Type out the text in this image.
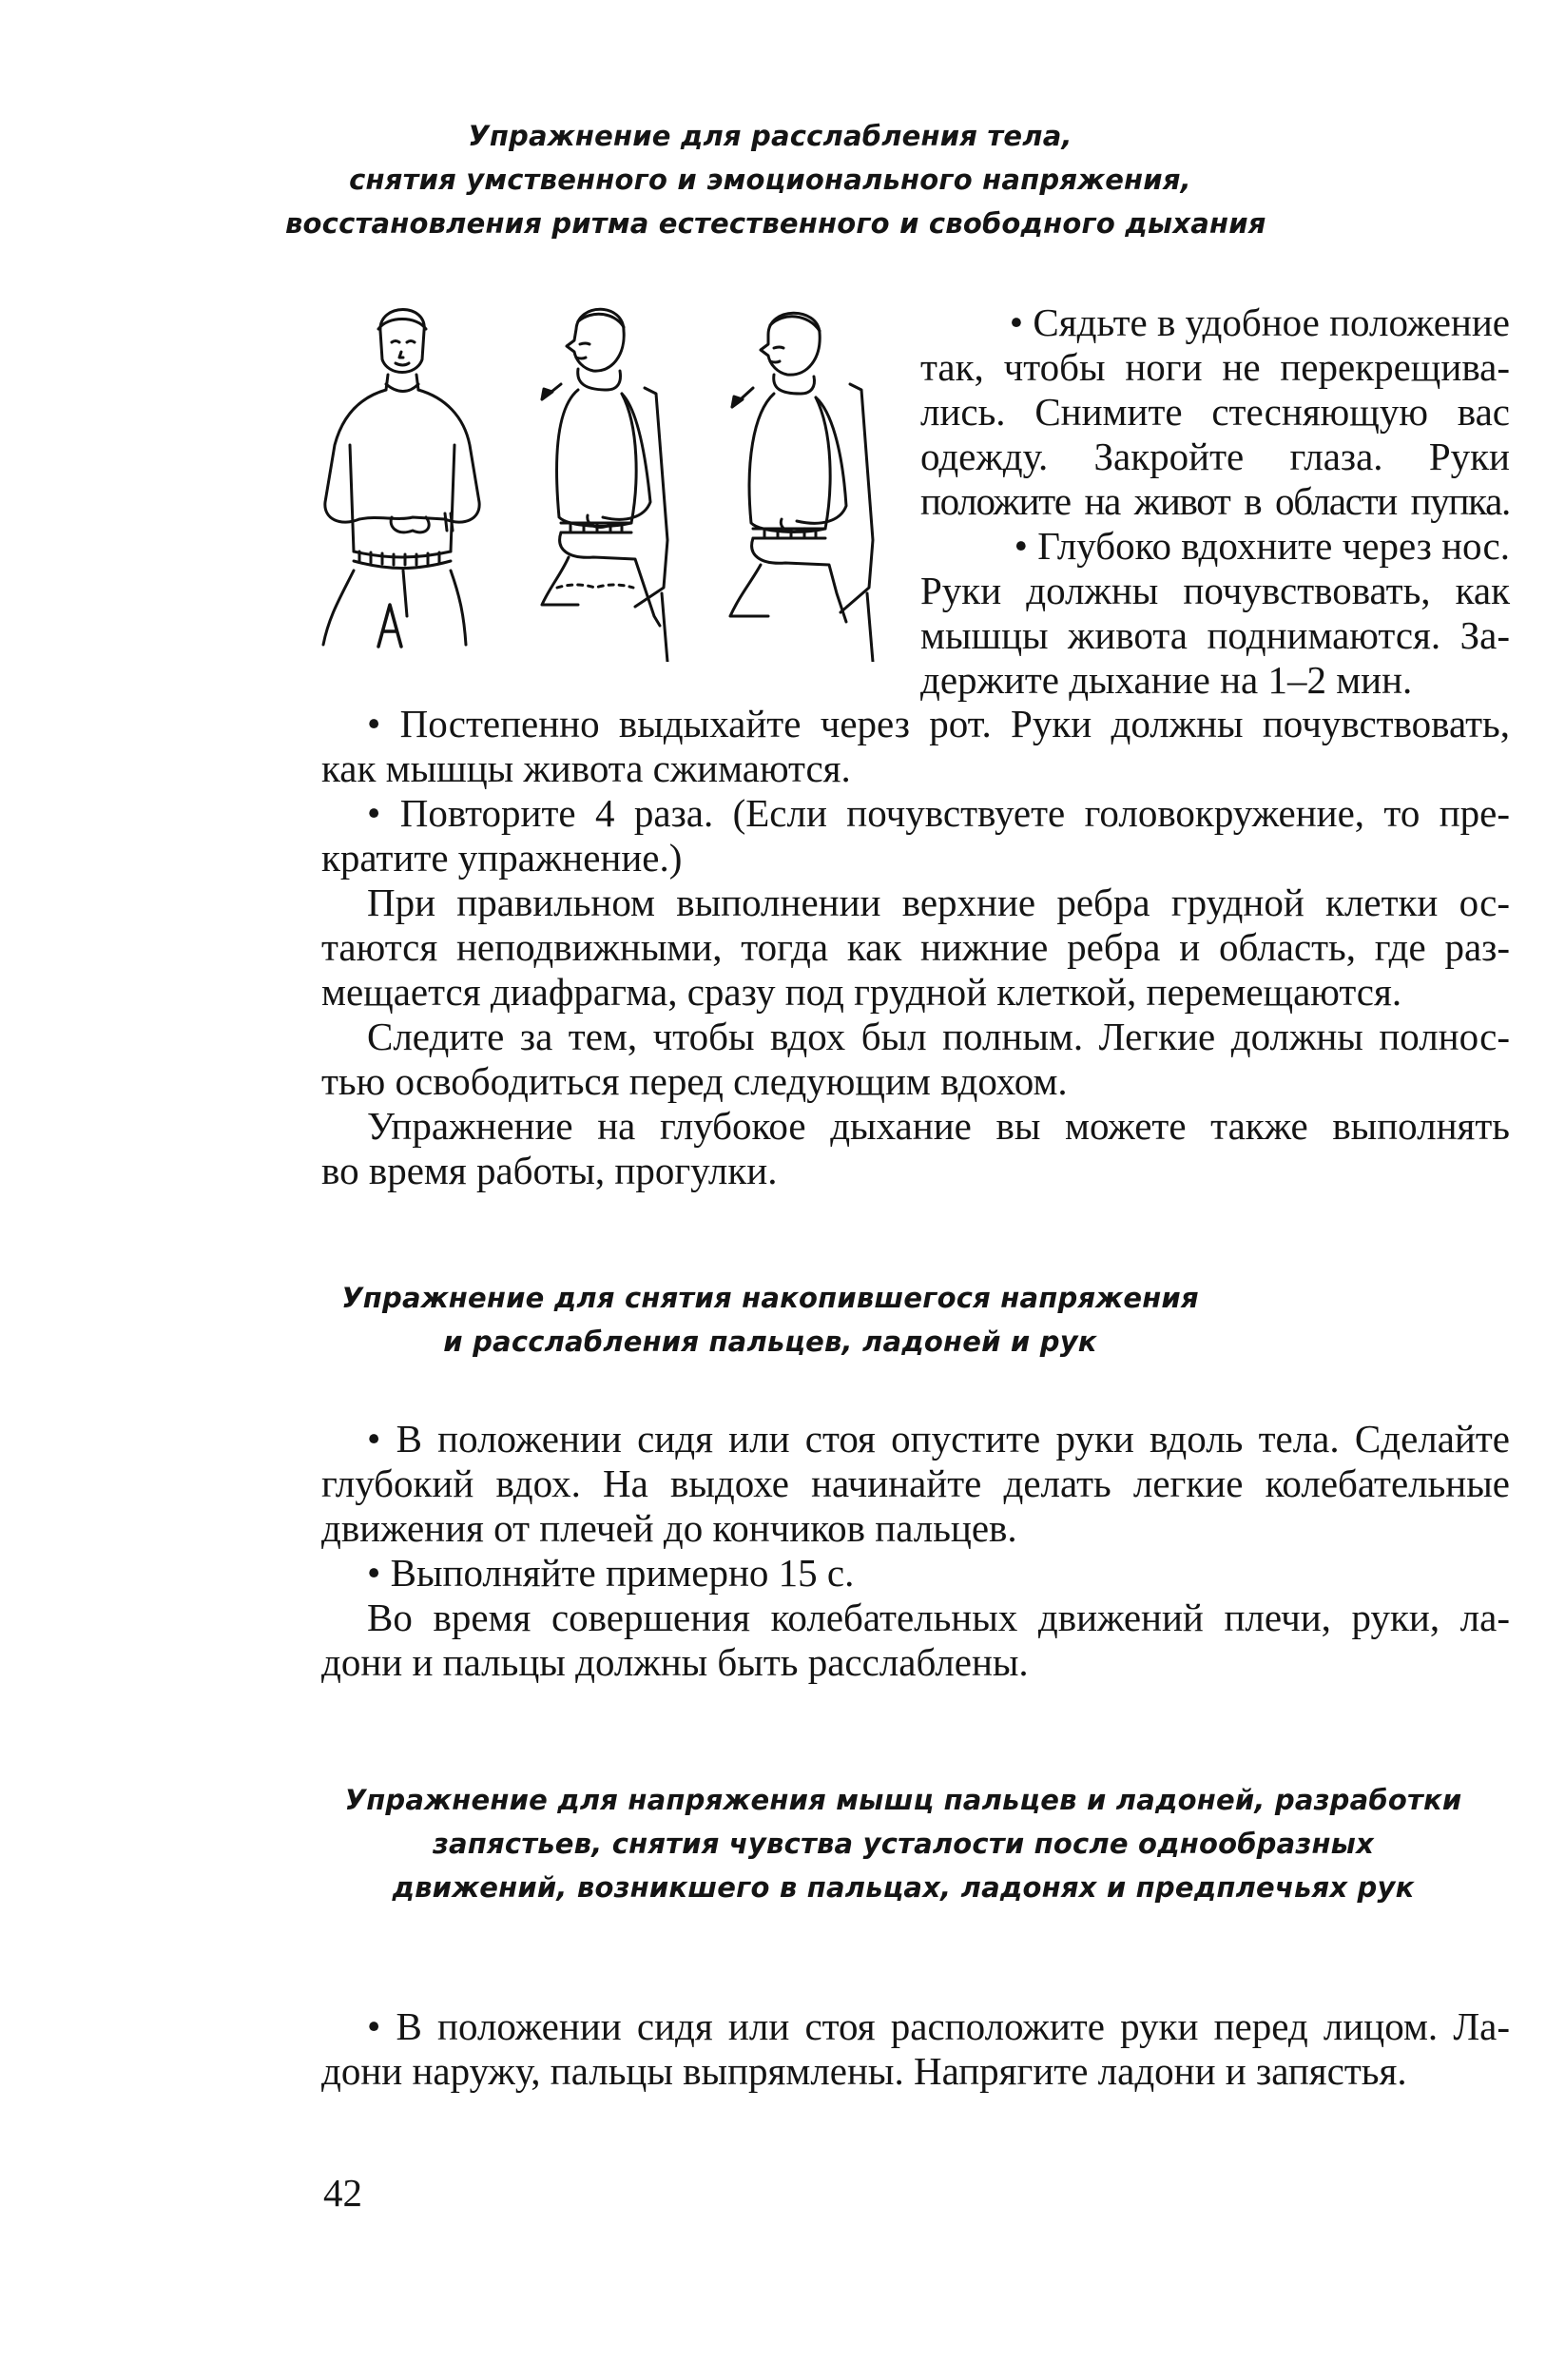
Упражнение для расслабления тела,
снятия умственного и эмоционального напряжения,
восстановления ритма естественного и свободного дыхания
• Сядьте в удобное положение
так, чтобы ноги не перекрещива-
лись. Снимите стесняющую вас
одежду. Закройте глаза. Руки
положите на живот в области пупка.
• Глубоко вдохните через нос.
Руки должны почувствовать, как
мышцы живота поднимаются. За-
держите дыхание на 1–2 мин.
• Постепенно выдыхайте через рот. Руки должны почувствовать,
как мышцы живота сжимаются.
• Повторите 4 раза. (Если почувствуете головокружение, то пре-
кратите упражнение.)
При правильном выполнении верхние ребра грудной клетки ос-
таются неподвижными, тогда как нижние ребра и область, где раз-
мещается диафрагма, сразу под грудной клеткой, перемещаются.
Следите за тем, чтобы вдох был полным. Легкие должны полнос-
тью освободиться перед следующим вдохом.
Упражнение на глубокое дыхание вы можете также выполнять
во время работы, прогулки.
Упражнение для снятия накопившегося напряжения
и расслабления пальцев, ладоней и рук
• В положении сидя или стоя опустите руки вдоль тела. Сделайте
глубокий вдох. На выдохе начинайте делать легкие колебательные
движения от плечей до кончиков пальцев.
• Выполняйте примерно 15 с.
Во время совершения колебательных движений плечи, руки, ла-
дони и пальцы должны быть расслаблены.
Упражнение для напряжения мышц пальцев и ладоней, разработки
запястьев, снятия чувства усталости после однообразных
движений, возникшего в пальцах, ладонях и предплечьях рук
• В положении сидя или стоя расположите руки перед лицом. Ла-
дони наружу, пальцы выпрямлены. Напрягите ладони и запястья.
42
